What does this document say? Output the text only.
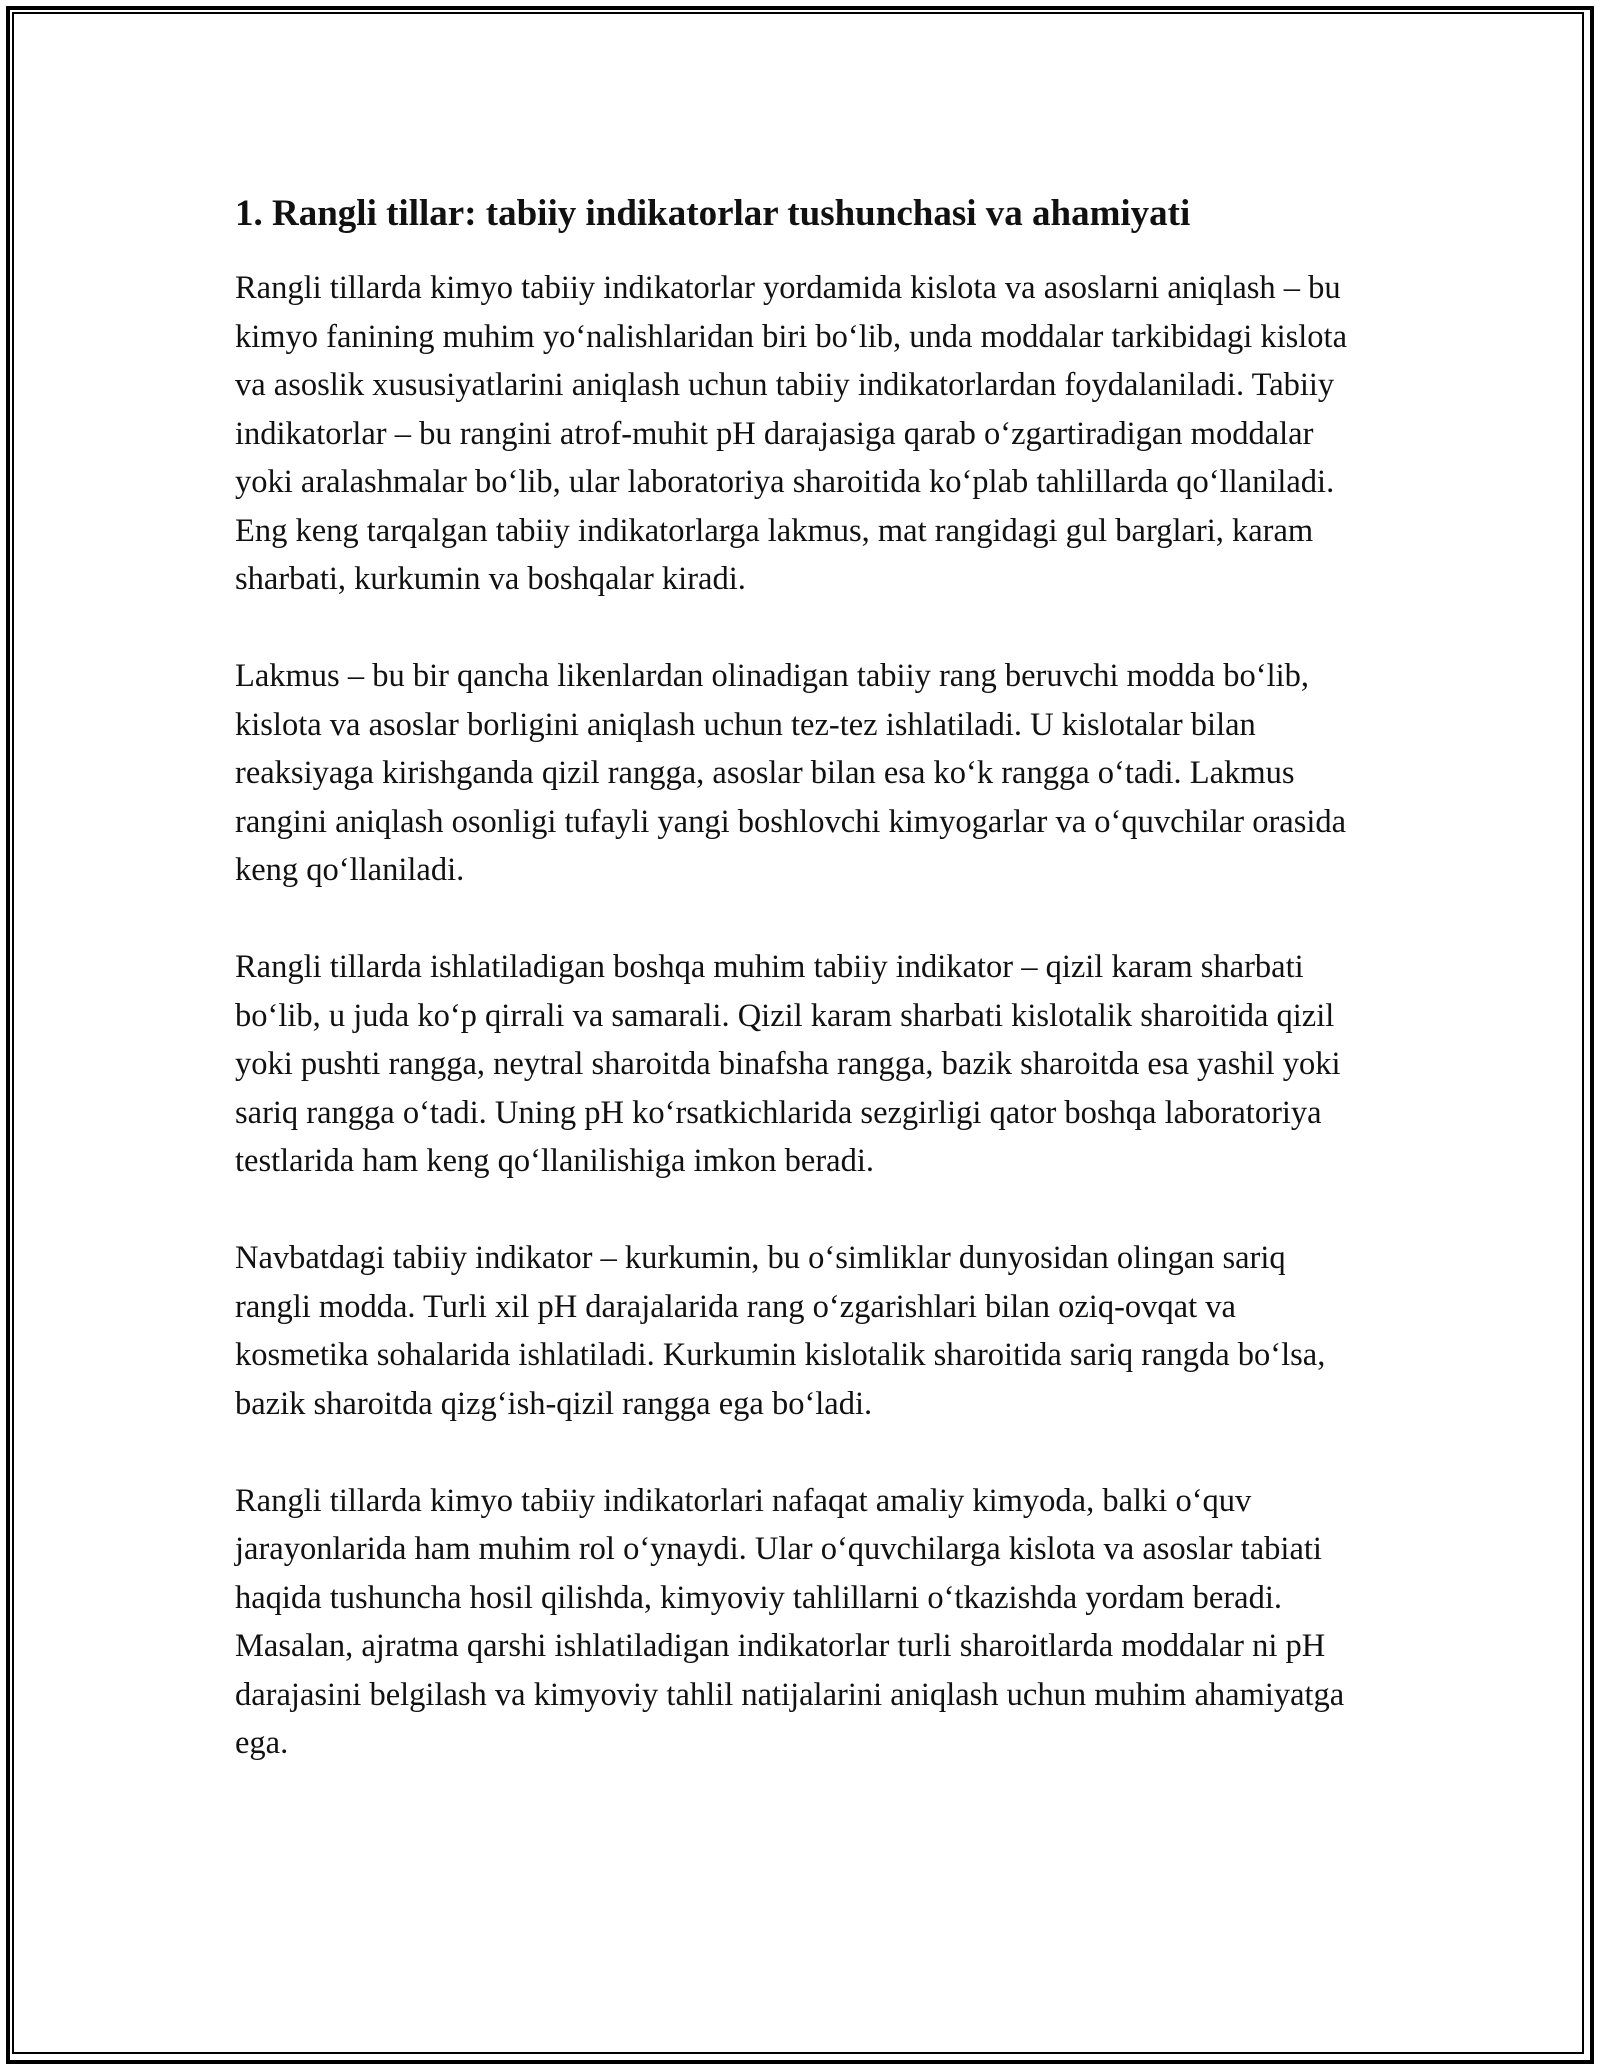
1. Rangli tillar: tabiiy indikatorlar tushunchasi va ahamiyati

Rangli tillarda kimyo tabiiy indikatorlar yordamida kislota va asoslarni aniqlash – bu kimyo fanining muhim yo‘nalishlaridan biri bo‘lib, unda moddalar tarkibidagi kislota va asoslik xususiyatlarini aniqlash uchun tabiiy indikatorlardan foydalaniladi. Tabiiy indikatorlar – bu rangini atrof-muhit pH darajasiga qarab o‘zgartiradigan moddalar yoki aralashmalar bo‘lib, ular laboratoriya sharoitida ko‘plab tahlillarda qo‘llaniladi. Eng keng tarqalgan tabiiy indikatorlarga lakmus, mat rangidagi gul barglari, karam sharbati, kurkumin va boshqalar kiradi.

Lakmus – bu bir qancha likenlardan olinadigan tabiiy rang beruvchi modda bo‘lib, kislota va asoslar borligini aniqlash uchun tez-tez ishlatiladi. U kislotalar bilan reaksiyaga kirishganda qizil rangga, asoslar bilan esa ko‘k rangga o‘tadi. Lakmus rangini aniqlash osonligi tufayli yangi boshlovchi kimyogarlar va o‘quvchilar orasida keng qo‘llaniladi.

Rangli tillarda ishlatiladigan boshqa muhim tabiiy indikator – qizil karam sharbati bo‘lib, u juda ko‘p qirrali va samarali. Qizil karam sharbati kislotalik sharoitida qizil yoki pushti rangga, neytral sharoitda binafsha rangga, bazik sharoitda esa yashil yoki sariq rangga o‘tadi. Uning pH ko‘rsatkichlarida sezgirligi qator boshqa laboratoriya testlarida ham keng qo‘llanilishiga imkon beradi.

Navbatdagi tabiiy indikator – kurkumin, bu o‘simliklar dunyosidan olingan sariq rangli modda. Turli xil pH darajalarida rang o‘zgarishlari bilan oziq-ovqat va kosmetika sohalarida ishlatiladi. Kurkumin kislotalik sharoitida sariq rangda bo‘lsa, bazik sharoitda qizg‘ish-qizil rangga ega bo‘ladi.

Rangli tillarda kimyo tabiiy indikatorlari nafaqat amaliy kimyoda, balki o‘quv jarayonlarida ham muhim rol o‘ynaydi. Ular o‘quvchilarga kislota va asoslar tabiati haqida tushuncha hosil qilishda, kimyoviy tahlillarni o‘tkazishda yordam beradi. Masalan, ajratma qarshi ishlatiladigan indikatorlar turli sharoitlarda moddalar ni pH darajasini belgilash va kimyoviy tahlil natijalarini aniqlash uchun muhim ahamiyatga ega.
